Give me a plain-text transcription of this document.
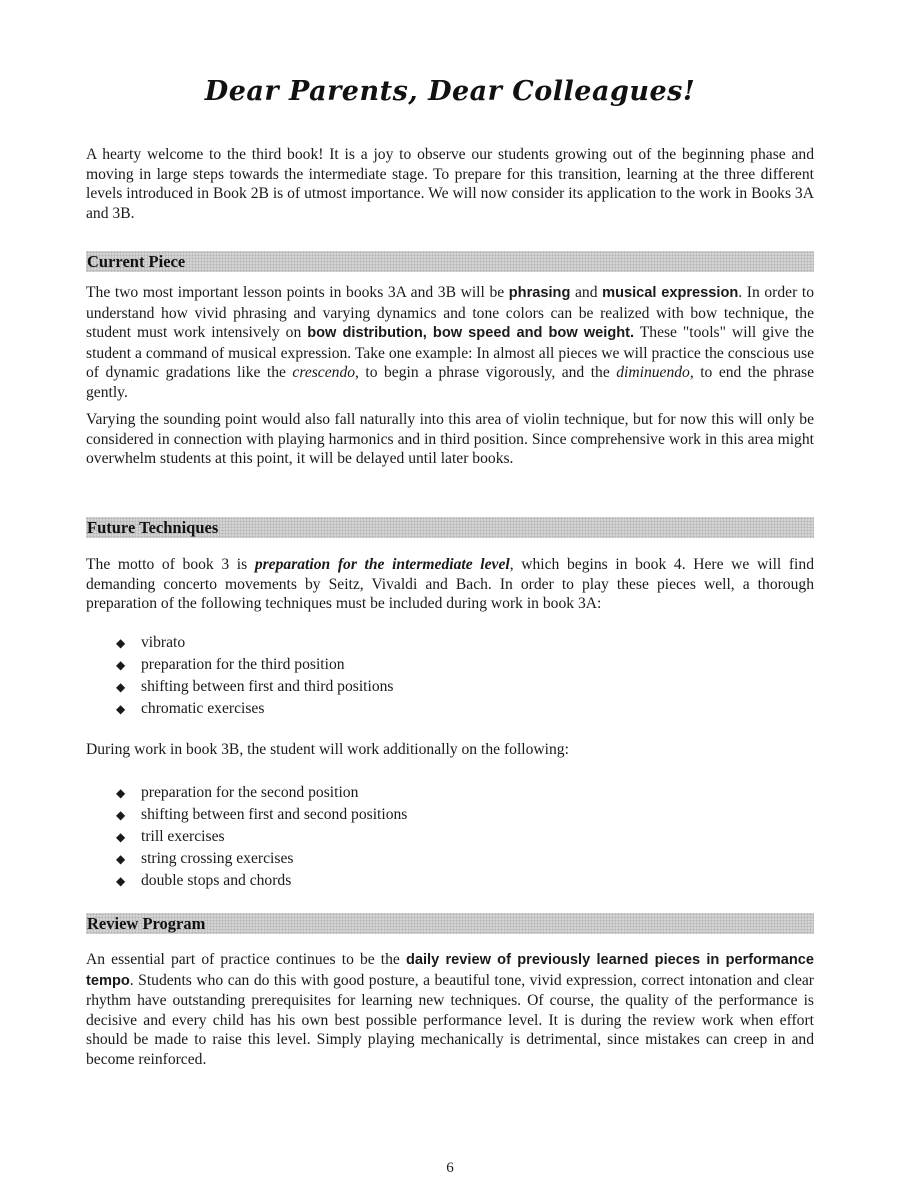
Dear Parents, Dear Colleagues!

A hearty welcome to the third book! It is a joy to observe our students growing out of the beginning phase and moving in large steps towards the intermediate stage. To prepare for this transition, learning at the three different levels introduced in Book 2B is of utmost importance. We will now consider its application to the work in Books 3A and 3B.

Current Piece

The two most important lesson points in books 3A and 3B will be phrasing and musical expression. In order to understand how vivid phrasing and varying dynamics and tone colors can be realized with bow technique, the student must work intensively on bow distribution, bow speed and bow weight. These "tools" will give the student a command of musical expression. Take one example: In almost all pieces we will practice the conscious use of dynamic gradations like the crescendo, to begin a phrase vigorously, and the diminuendo, to end the phrase gently.

Varying the sounding point would also fall naturally into this area of violin technique, but for now this will only be considered in connection with playing harmonics and in third position. Since comprehensive work in this area might overwhelm students at this point, it will be delayed until later books.

Future Techniques

The motto of book 3 is preparation for the intermediate level, which begins in book 4. Here we will find demanding concerto movements by Seitz, Vivaldi and Bach. In order to play these pieces well, a thorough preparation of the following techniques must be included during work in book 3A:

◆ vibrato
◆ preparation for the third position
◆ shifting between first and third positions
◆ chromatic exercises

During work in book 3B, the student will work additionally on the following:

◆ preparation for the second position
◆ shifting between first and second positions
◆ trill exercises
◆ string crossing exercises
◆ double stops and chords
Review Program

An essential part of practice continues to be the daily review of previously learned pieces in performance tempo. Students who can do this with good posture, a beautiful tone, vivid expression, correct intonation and clear rhythm have outstanding prerequisites for learning new techniques. Of course, the quality of the performance is decisive and every child has his own best possible performance level. It is during the review work when effort should be made to raise this level. Simply playing mechanically is detrimental, since mistakes can creep in and become reinforced.

6
